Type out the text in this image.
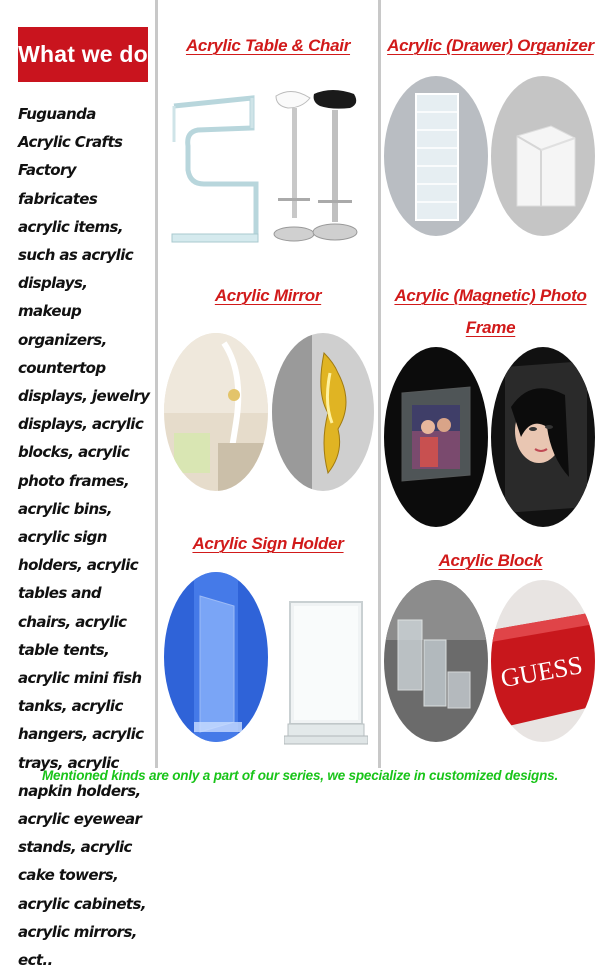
What we do
Fuguanda Acrylic Crafts Factory fabricates acrylic items, such as acrylic displays, makeup organizers, countertop displays, jewelry displays, acrylic blocks, acrylic photo frames, acrylic bins, acrylic sign holders, acrylic tables and chairs, acrylic table tents, acrylic mini fish tanks, acrylic hangers, acrylic trays, acrylic napkin holders, acrylic eyewear stands, acrylic cake towers, acrylic cabinets, acrylic mirrors, ect..
Acrylic Table & Chair
Acrylic Mirror
Acrylic Sign Holder
Acrylic (Drawer) Organizer
Acrylic (Magnetic) Photo Frame
Acrylic Block
GUESS
Mentioned kinds are only a part of our series, we specialize in customized designs.
